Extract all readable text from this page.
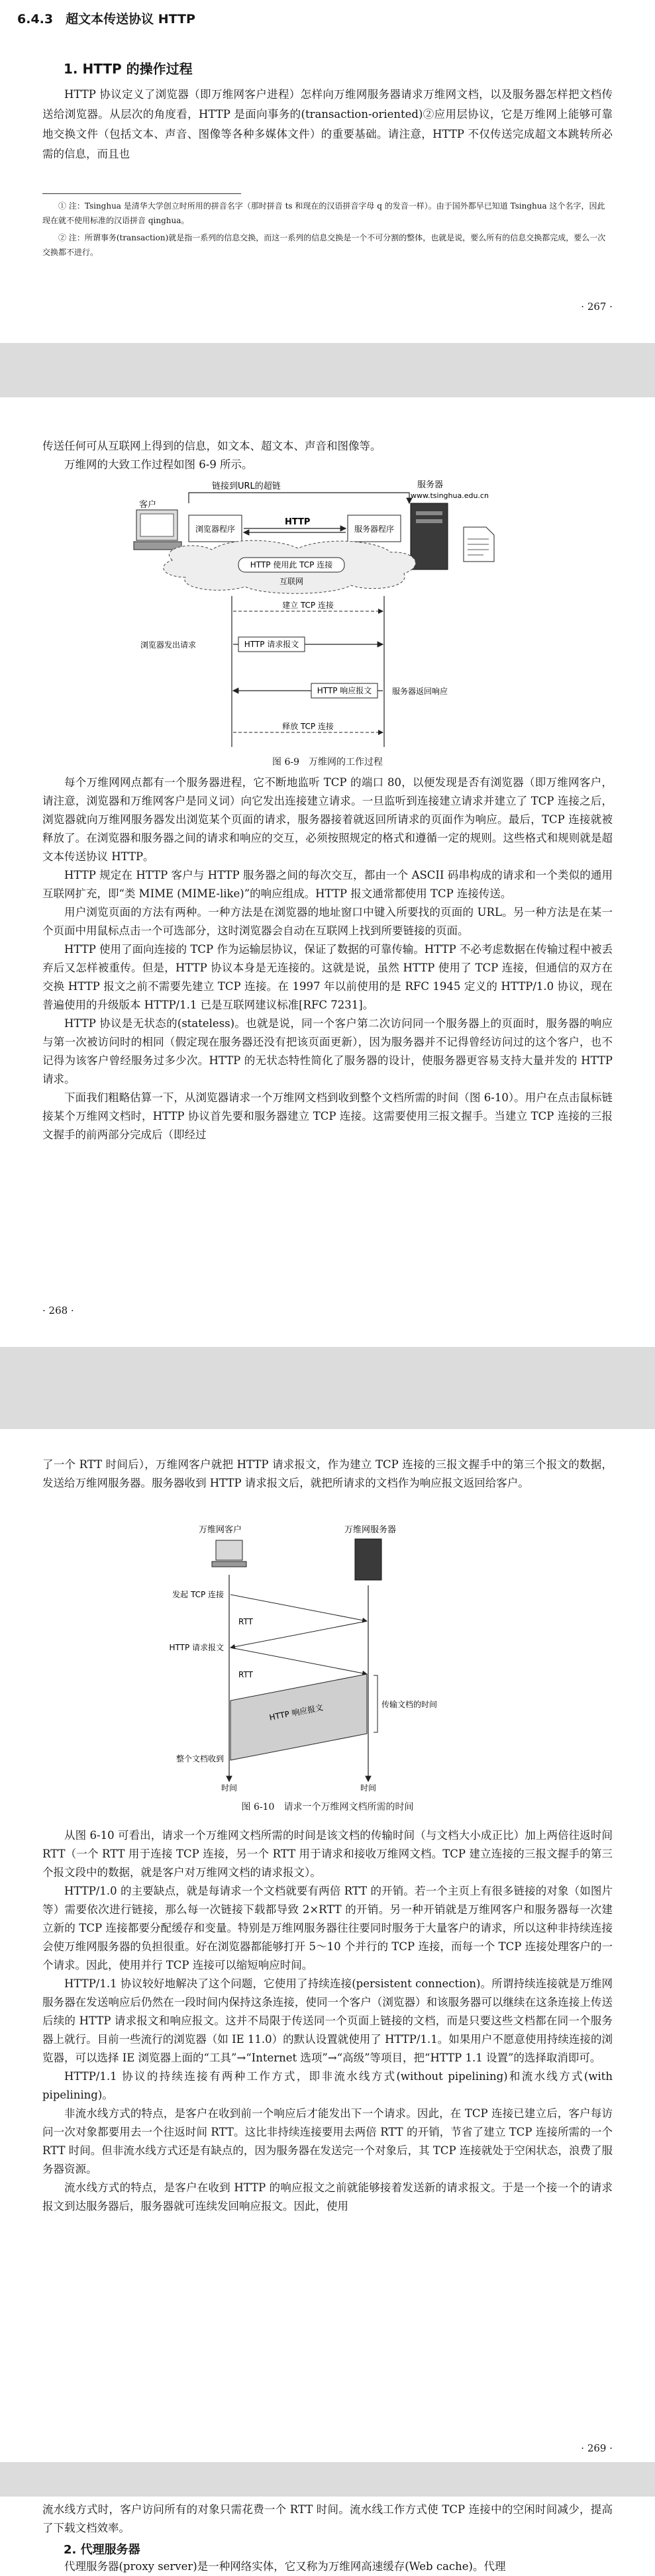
6.4.3　超文本传送协议 HTTP
1. HTTP 的操作过程

HTTP 协议定义了浏览器（即万维网客户进程）怎样向万维网服务器请求万维网文档，以及服务器怎样把文档传送给浏览器。从层次的角度看，HTTP 是面向事务的(transaction-oriented)②应用层协议，它是万维网上能够可靠地交换文件（包括文本、声音、图像等各种多媒体文件）的重要基础。请注意，HTTP 不仅传送完成超文本跳转所必需的信息，而且也

① 注：Tsinghua 是清华大学创立时所用的拼音名字（那时拼音 ts 和现在的汉语拼音字母 q 的发音一样）。由于国外都早已知道 Tsinghua 这个名字，因此现在就不使用标准的汉语拼音 qinghua。

② 注：所谓事务(transaction)就是指一系列的信息交换，而这一系列的信息交换是一个不可分割的整体，也就是说，要么所有的信息交换都完成，要么一次交换都不进行。

· 267 ·

传送任何可从互联网上得到的信息，如文本、超文本、声音和图像等。

万维网的大致工作过程如图 6-9 所示。

链接到URL的超链	服务器
www.tsinghua.edu.cn
客户
浏览器程序
HTTP
服务器程序
HTTP 使用此 TCP 连接
互联网
建立 TCP 连接
浏览器发出请求	HTTP 请求报文
HTTP 响应报文	服务器返回响应
释放 TCP 连接
图 6-9　万维网的工作过程

每个万维网网点都有一个服务器进程，它不断地监听 TCP 的端口 80，以便发现是否有浏览器（即万维网客户，请注意，浏览器和万维网客户是同义词）向它发出连接建立请求。一旦监听到连接建立请求并建立了 TCP 连接之后，浏览器就向万维网服务器发出浏览某个页面的请求，服务器接着就返回所请求的页面作为响应。最后，TCP 连接就被释放了。在浏览器和服务器之间的请求和响应的交互，必须按照规定的格式和遵循一定的规则。这些格式和规则就是超文本传送协议 HTTP。

HTTP 规定在 HTTP 客户与 HTTP 服务器之间的每次交互，都由一个 ASCII 码串构成的请求和一个类似的通用互联网扩充，即“类 MIME (MIME-like)”的响应组成。HTTP 报文通常都使用 TCP 连接传送。

用户浏览页面的方法有两种。一种方法是在浏览器的地址窗口中键入所要找的页面的 URL。另一种方法是在某一个页面中用鼠标点击一个可选部分，这时浏览器会自动在互联网上找到所要链接的页面。

HTTP 使用了面向连接的 TCP 作为运输层协议，保证了数据的可靠传输。HTTP 不必考虑数据在传输过程中被丢弃后又怎样被重传。但是，HTTP 协议本身是无连接的。这就是说，虽然 HTTP 使用了 TCP 连接，但通信的双方在交换 HTTP 报文之前不需要先建立 TCP 连接。在 1997 年以前使用的是 RFC 1945 定义的 HTTP/1.0 协议，现在普遍使用的升级版本 HTTP/1.1 已是互联网建议标准[RFC 7231]。

HTTP 协议是无状态的(stateless)。也就是说，同一个客户第二次访问同一个服务器上的页面时，服务器的响应与第一次被访问时的相同（假定现在服务器还没有把该页面更新），因为服务器并不记得曾经访问过的这个客户，也不记得为该客户曾经服务过多少次。HTTP 的无状态特性简化了服务器的设计，使服务器更容易支持大量并发的 HTTP 请求。

下面我们粗略估算一下，从浏览器请求一个万维网文档到收到整个文档所需的时间（图 6-10）。用户在点击鼠标链接某个万维网文档时，HTTP 协议首先要和服务器建立 TCP 连接。这需要使用三报文握手。当建立 TCP 连接的三报文握手的前两部分完成后（即经过

· 268 ·

了一个 RTT 时间后），万维网客户就把 HTTP 请求报文，作为建立 TCP 连接的三报文握手中的第三个报文的数据，发送给万维网服务器。服务器收到 HTTP 请求报文后，就把所请求的文档作为响应报文返回给客户。

万维网客户	万维网服务器
发起 TCP 连接
HTTP 请求报文
RTT
RTT
HTTP 响应报文	传输文档的时间
整个文档收到
时间	时间
图 6-10　请求一个万维网文档所需的时间

从图 6-10 可看出，请求一个万维网文档所需的时间是该文档的传输时间（与文档大小成正比）加上两倍往返时间 RTT（一个 RTT 用于连接 TCP 连接，另一个 RTT 用于请求和接收万维网文档。TCP 建立连接的三报文握手的第三个报文段中的数据，就是客户对万维网文档的请求报文）。

HTTP/1.0 的主要缺点，就是每请求一个文档就要有两倍 RTT 的开销。若一个主页上有很多链接的对象（如图片等）需要依次进行链接，那么每一次链接下载都导致 2×RTT 的开销。另一种开销就是万维网客户和服务器每一次建立新的 TCP 连接都要分配缓存和变量。特别是万维网服务器往往要同时服务于大量客户的请求，所以这种非持续连接会使万维网服务器的负担很重。好在浏览器都能够打开 5～10 个并行的 TCP 连接，而每一个 TCP 连接处理客户的一个请求。因此，使用并行 TCP 连接可以缩短响应时间。

HTTP/1.1 协议较好地解决了这个问题，它使用了持续连接(persistent connection)。所谓持续连接就是万维网服务器在发送响应后仍然在一段时间内保持这条连接，使同一个客户（浏览器）和该服务器可以继续在这条连接上传送后续的 HTTP 请求报文和响应报文。这并不局限于传送同一个页面上链接的文档，而是只要这些文档都在同一个服务器上就行。目前一些流行的浏览器（如 IE 11.0）的默认设置就使用了 HTTP/1.1。如果用户不愿意使用持续连接的浏览器，可以选择 IE 浏览器上面的“工具”→“Internet 选项”→“高级”等项目，把“HTTP 1.1 设置”的选择取消即可。

HTTP/1.1 协议的持续连接有两种工作方式，即非流水线方式(without pipelining)和流水线方式(with pipelining)。

非流水线方式的特点，是客户在收到前一个响应后才能发出下一个请求。因此，在 TCP 连接已建立后，客户每访问一次对象都要用去一个往返时间 RTT。这比非持续连接要用去两倍 RTT 的开销，节省了建立 TCP 连接所需的一个 RTT 时间。但非流水线方式还是有缺点的，因为服务器在发送完一个对象后，其 TCP 连接就处于空闲状态，浪费了服务器资源。

流水线方式的特点，是客户在收到 HTTP 的响应报文之前就能够接着发送新的请求报文。于是一个接一个的请求报文到达服务器后，服务器就可连续发回响应报文。因此，使用

· 269 ·

流水线方式时，客户访问所有的对象只需花费一个 RTT 时间。流水线工作方式使 TCP 连接中的空闲时间减少，提高了下载文档效率。

2. 代理服务器

代理服务器(proxy server)是一种网络实体，它又称为万维网高速缓存(Web cache)。代理
